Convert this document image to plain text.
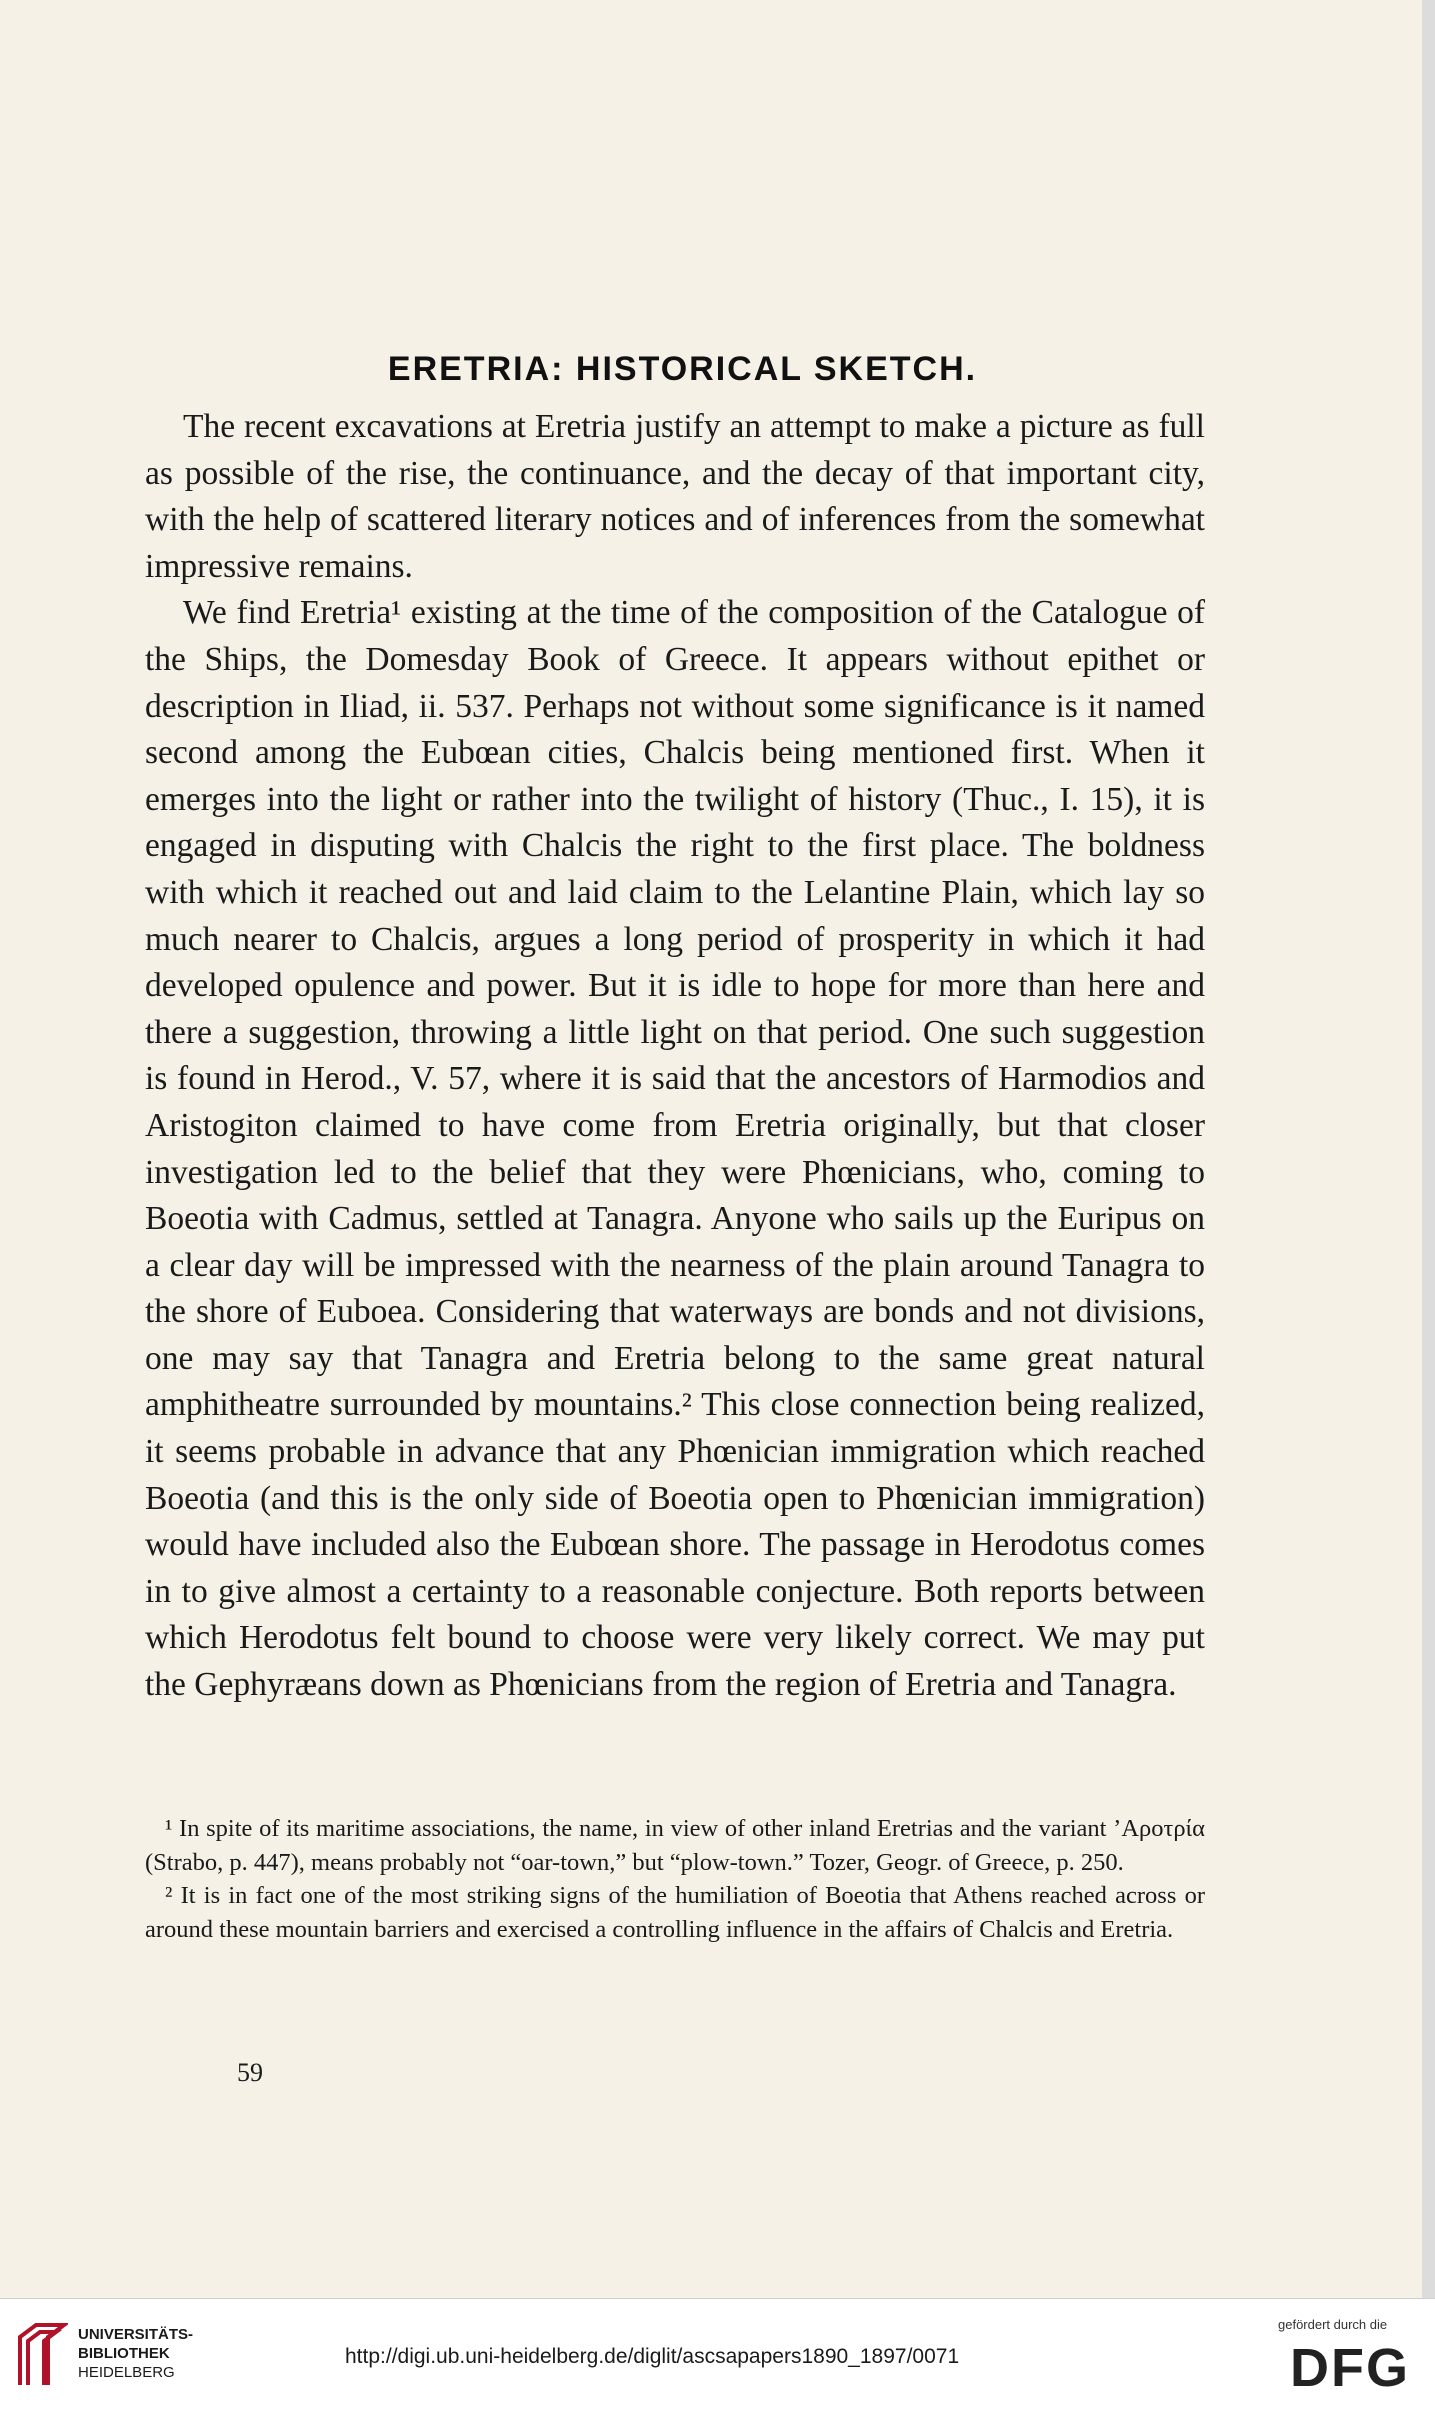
ERETRIA: HISTORICAL SKETCH.

The recent excavations at Eretria justify an attempt to make a picture as full as possible of the rise, the continuance, and the decay of that important city, with the help of scattered literary notices and of inferences from the somewhat impressive remains.

We find Eretria¹ existing at the time of the composition of the Catalogue of the Ships, the Domesday Book of Greece. It appears without epithet or description in Iliad, ii. 537. Perhaps not without some significance is it named second among the Eubœan cities, Chalcis being mentioned first. When it emerges into the light or rather into the twilight of history (Thuc., I. 15), it is engaged in disputing with Chalcis the right to the first place. The boldness with which it reached out and laid claim to the Lelantine Plain, which lay so much nearer to Chalcis, argues a long period of prosperity in which it had developed opulence and power. But it is idle to hope for more than here and there a suggestion, throwing a little light on that period. One such suggestion is found in Herod., V. 57, where it is said that the ancestors of Harmodios and Aristogiton claimed to have come from Eretria originally, but that closer investigation led to the belief that they were Phœnicians, who, coming to Boeotia with Cadmus, settled at Tanagra. Anyone who sails up the Euripus on a clear day will be impressed with the nearness of the plain around Tanagra to the shore of Euboea. Considering that waterways are bonds and not divisions, one may say that Tanagra and Eretria belong to the same great natural amphitheatre surrounded by mountains.² This close connection being realized, it seems probable in advance that any Phœnician immigration which reached Boeotia (and this is the only side of Boeotia open to Phœnician immigration) would have included also the Eubœan shore. The passage in Herodotus comes in to give almost a certainty to a reasonable conjecture. Both reports between which Herodotus felt bound to choose were very likely correct. We may put the Gephyræans down as Phœnicians from the region of Eretria and Tanagra.

¹ In spite of its maritime associations, the name, in view of other inland Eretrias and the variant ’Αροτρία (Strabo, p. 447), means probably not “oar-town,” but “plow-town.” Tozer, Geogr. of Greece, p. 250.

² It is in fact one of the most striking signs of the humiliation of Boeotia that Athens reached across or around these mountain barriers and exercised a controlling influence in the affairs of Chalcis and Eretria.

59
UNIVERSITÄTS-
BIBLIOTHEK
HEIDELBERG
http://digi.ub.uni-heidelberg.de/diglit/ascsapapers1890_1897/0071
gefördert durch die
DFG
